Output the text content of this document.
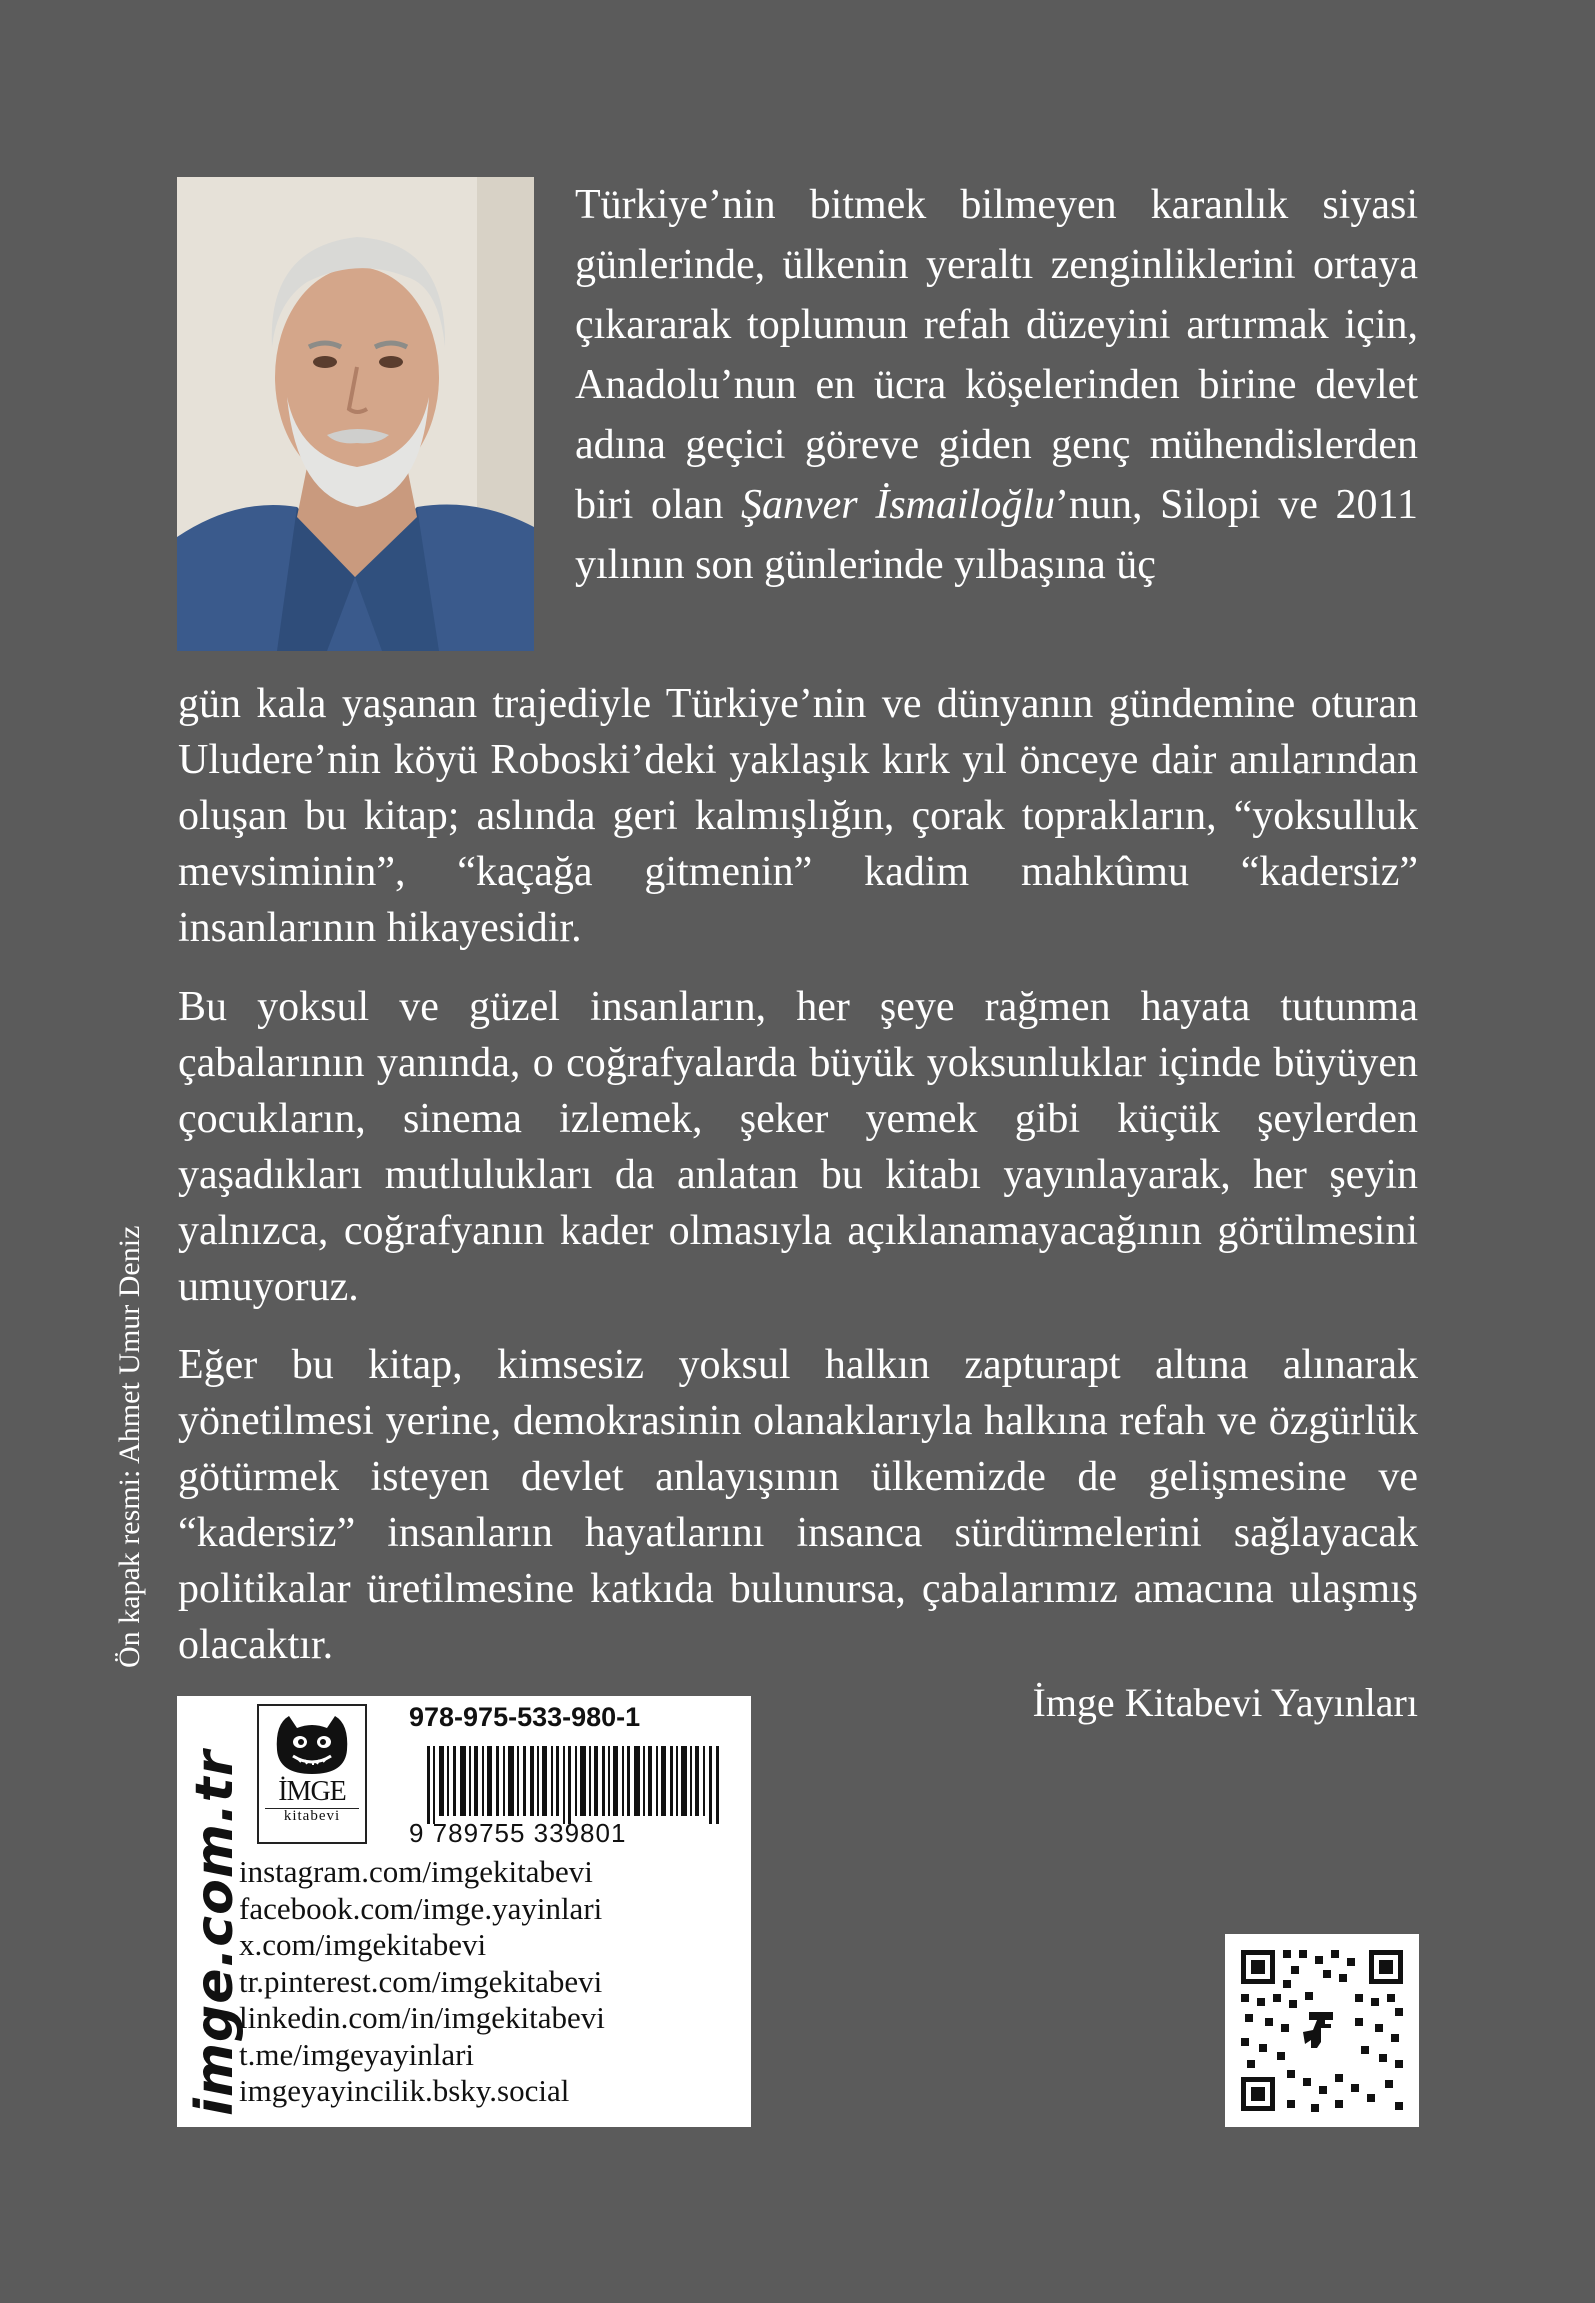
Türkiye’nin bitmek bilmeyen karanlık siyasi günlerinde, ülkenin yeraltı zenginliklerini ortaya çıkararak toplumun refah düzeyini artırmak için, Anadolu’nun en ücra köşelerinden birine devlet adına geçici göreve giden genç mühendislerden biri olan Şanver İsmailoğlu’nun, Silopi ve 2011 yılının son günlerinde yılbaşına üç
gün kala yaşanan trajediyle Türkiye’nin ve dünyanın gündemine oturan Uludere’nin köyü Roboski’deki yaklaşık kırk yıl önceye dair anılarından oluşan bu kitap; aslında geri kalmışlığın, çorak toprakların, “yoksulluk mevsiminin”, “kaçağa gitmenin” kadim mahkûmu “kadersiz” insanlarının hikayesidir.
Bu yoksul ve güzel insanların, her şeye rağmen hayata tutunma çabalarının yanında, o coğrafyalarda büyük yoksunluklar içinde büyüyen çocukların, sinema izlemek, şeker yemek gibi küçük şeylerden yaşadıkları mutlulukları da anlatan bu kitabı yayınlayarak, her şeyin yalnızca, coğrafyanın kader olmasıyla açıklanamayacağının görülmesini umuyoruz.
Eğer bu kitap, kimsesiz yoksul halkın zapturapt altına alınarak yönetilmesi yerine, demokrasinin olanaklarıyla halkına refah ve özgürlük götürmek isteyen devlet anlayışının ülkemizde de gelişmesine ve “kadersiz” insanların hayatlarını insanca sürdürmelerini sağlayacak politikalar üretilmesine katkıda bulunursa, çabalarımız amacına ulaşmış olacaktır.
İmge Kitabevi Yayınları
Ön kapak resmi: Ahmet Umur Deniz
imge.com.tr	İMGE
kitabevi
978-975-533-980-1
9 789755 339801
instagram.com/imgekitabevi
facebook.com/imge.yayinlari
x.com/imgekitabevi
tr.pinterest.com/imgekitabevi
linkedin.com/in/imgekitabevi
t.me/imgeyayinlari
imgeyayincilik.bsky.social
